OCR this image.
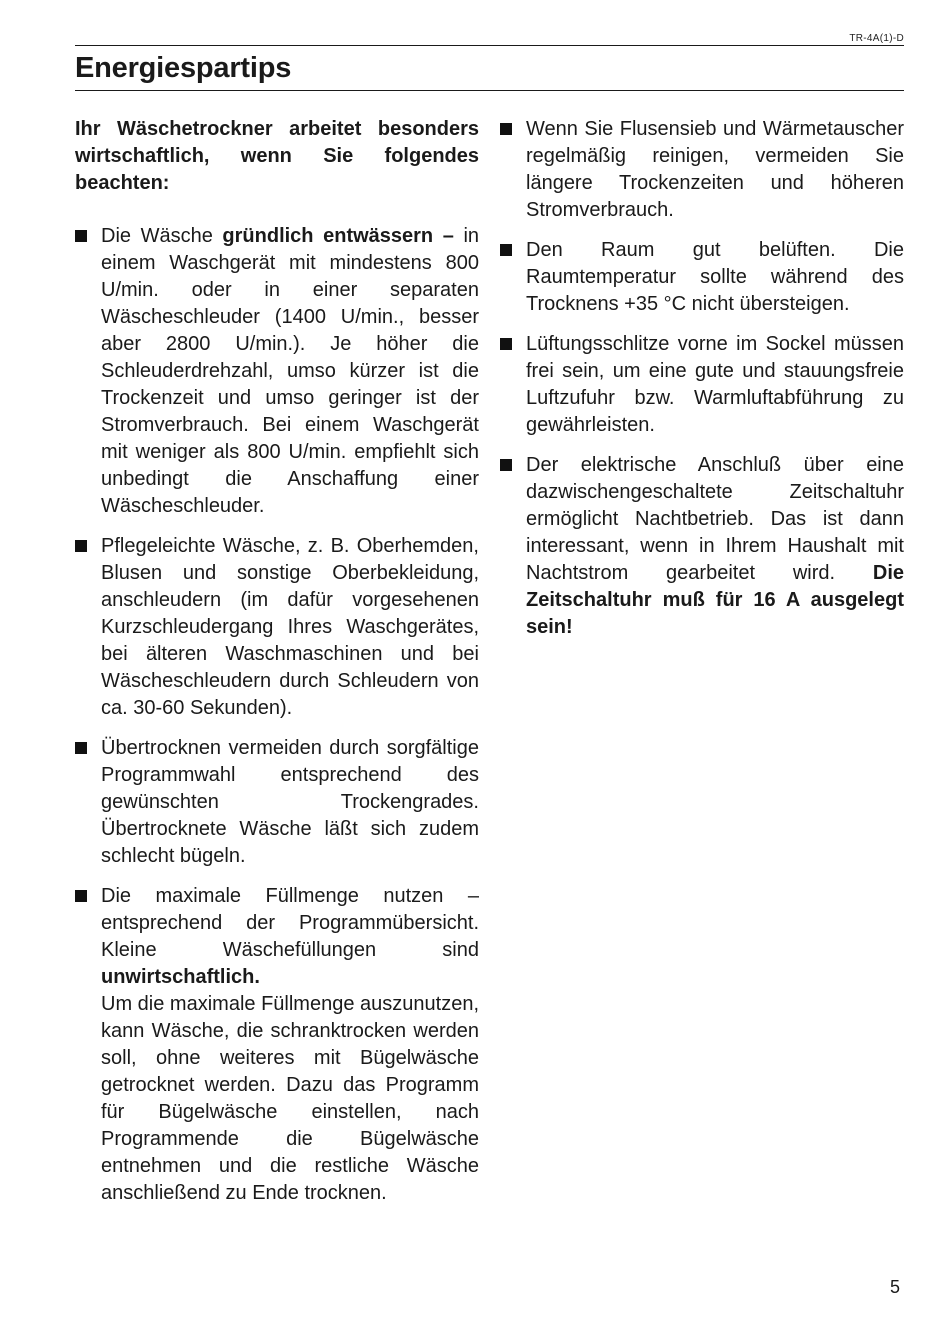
TR-4A(1)-D
Energiespartips

Ihr Wäschetrockner arbeitet besonders wirtschaftlich, wenn Sie folgendes beachten:

Die Wäsche gründlich entwässern – in einem Waschgerät mit mindestens 800 U/min. oder in einer separaten Wäscheschleuder (1400 U/min., besser aber 2800 U/min.). Je höher die Schleuderdrehzahl, umso kürzer ist die Trockenzeit und umso geringer ist der Stromverbrauch. Bei einem Waschgerät mit weniger als 800 U/min. empfiehlt sich unbedingt die Anschaffung einer Wäscheschleuder.
Pflegeleichte Wäsche, z. B. Oberhemden, Blusen und sonstige Oberbekleidung, anschleudern (im dafür vorgesehenen Kurzschleudergang Ihres Waschgerätes, bei älteren Waschmaschinen und bei Wäscheschleudern durch Schleudern von ca. 30-60 Sekunden).
Übertrocknen vermeiden durch sorgfältige Programmwahl entsprechend des gewünschten Trockengrades. Übertrocknete Wäsche läßt sich zudem schlecht bügeln.
Die maximale Füllmenge nutzen – entsprechend der Programmübersicht. Kleine Wäschefüllungen sind unwirtschaftlich.
Um die maximale Füllmenge auszunutzen, kann Wäsche, die schranktrocken werden soll, ohne weiteres mit Bügelwäsche getrocknet werden. Dazu das Programm für Bügelwäsche einstellen, nach Programmende die Bügelwäsche entnehmen und die restliche Wäsche anschließend zu Ende trocknen.
Wenn Sie Flusensieb und Wärmetauscher regelmäßig reinigen, vermeiden Sie längere Trockenzeiten und höheren Stromverbrauch.
Den Raum gut belüften. Die Raumtemperatur sollte während des Trocknens +35 °C nicht übersteigen.
Lüftungsschlitze vorne im Sockel müssen frei sein, um eine gute und stauungsfreie Luftzufuhr bzw. Warmluftabführung zu gewährleisten.
Der elektrische Anschluß über eine dazwischengeschaltete Zeitschaltuhr ermöglicht Nachtbetrieb. Das ist dann interessant, wenn in Ihrem Haushalt mit Nachtstrom gearbeitet wird. Die Zeitschaltuhr muß für 16 A ausgelegt sein!
5
